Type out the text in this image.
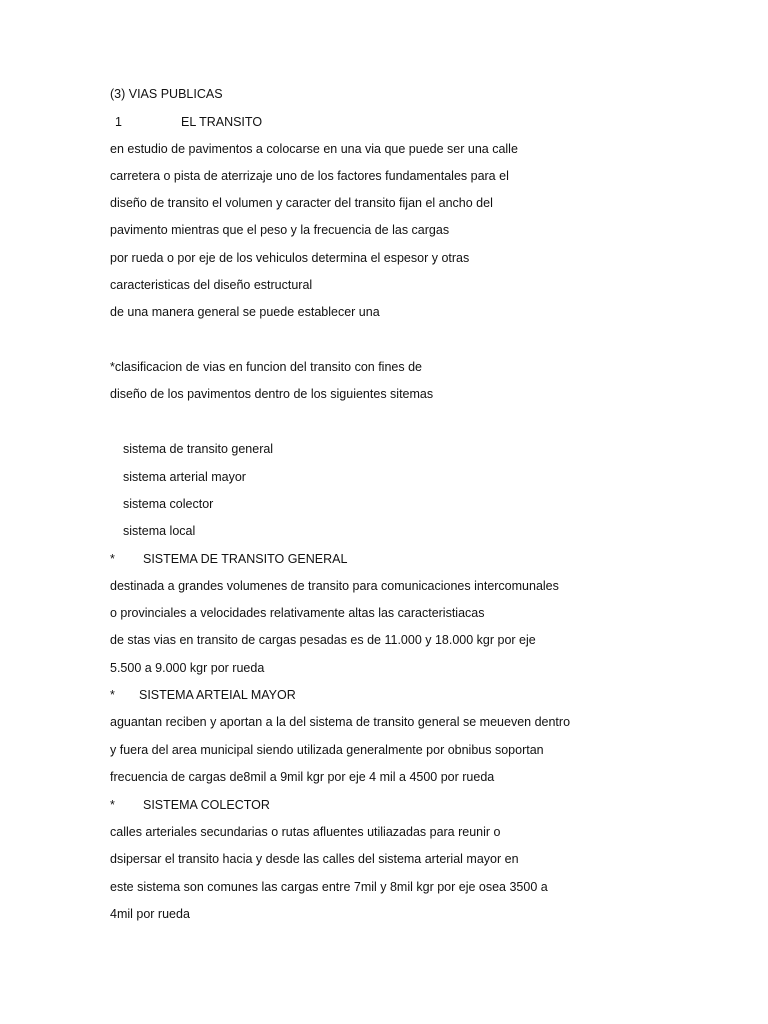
(3) VIAS PUBLICAS
1	EL TRANSITO
en estudio de pavimentos a colocarse en una via que puede ser una calle
carretera o pista de aterrizaje uno de los factores fundamentales para el
diseño de transito el volumen y caracter del transito fijan el ancho del
pavimento mientras que el peso y la frecuencia de las cargas
por rueda o por eje de los vehiculos determina el espesor y otras
caracteristicas del diseño estructural
de una manera general se puede establecer una
*clasificacion de vias en funcion del transito con fines de
diseño de los pavimentos dentro de los siguientes sitemas
sistema de transito general
sistema arterial mayor
sistema colector
sistema local
* SISTEMA DE TRANSITO GENERAL
destinada a grandes volumenes de transito para comunicaciones intercomunales
o provinciales a velocidades relativamente altas las caracteristiacas
de stas vias en transito de cargas pesadas es de 11.000 y 18.000 kgr por eje
5.500 a 9.000 kgr por rueda
* SISTEMA ARTEIAL MAYOR
aguantan reciben y aportan a la del sistema de transito general se meueven dentro
y fuera del area municipal siendo utilizada generalmente por obnibus soportan
frecuencia de cargas de8mil a 9mil kgr por eje 4 mil a 4500 por rueda
* SISTEMA COLECTOR
calles arteriales secundarias o rutas afluentes utiliazadas para reunir o
dsipersar el transito hacia y desde las calles del sistema arterial mayor en
este sistema son comunes las cargas entre 7mil y 8mil kgr por eje osea 3500 a
4mil por rueda
